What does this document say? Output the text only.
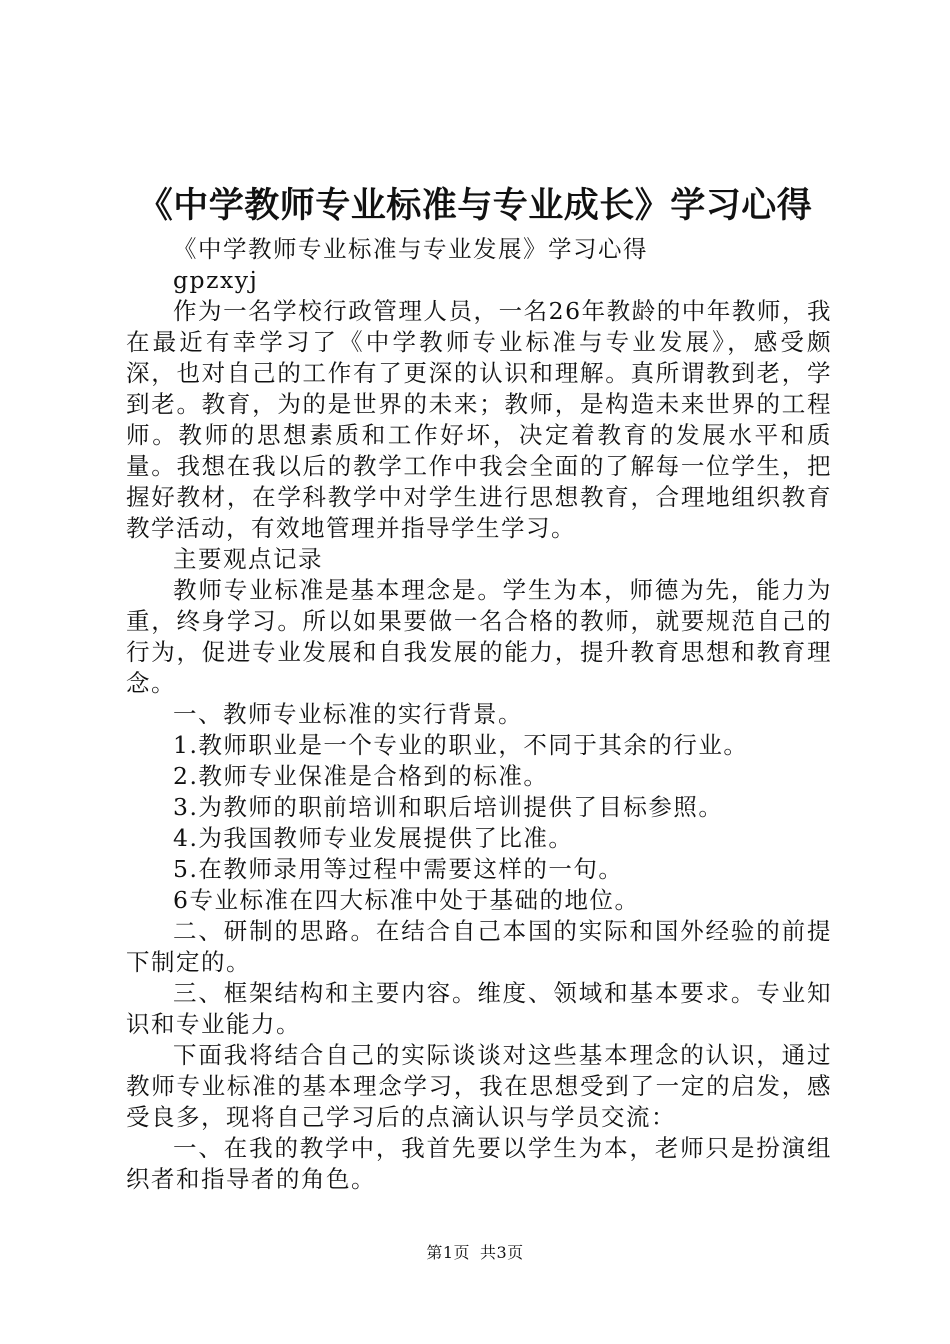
《中学教师专业标准与专业成长》学习心得

《中学教师专业标准与专业发展》学习心得

gpzxyj

作为一名学校行政管理人员，一名26年教龄的中年教师，我在最近有幸学习了《中学教师专业标准与专业发展》，感受颇深，也对自己的工作有了更深的认识和理解。真所谓教到老，学到老。教育，为的是世界的未来；教师，是构造未来世界的工程师。教师的思想素质和工作好坏，决定着教育的发展水平和质量。我想在我以后的教学工作中我会全面的了解每一位学生，把握好教材，在学科教学中对学生进行思想教育，合理地组织教育教学活动，有效地管理并指导学生学习。

主要观点记录

教师专业标准是基本理念是。学生为本，师德为先，能力为重，终身学习。所以如果要做一名合格的教师，就要规范自己的行为，促进专业发展和自我发展的能力，提升教育思想和教育理念。

一、教师专业标准的实行背景。

1.教师职业是一个专业的职业，不同于其余的行业。

2.教师专业保准是合格到的标准。

3.为教师的职前培训和职后培训提供了目标参照。

4.为我国教师专业发展提供了比准。

5.在教师录用等过程中需要这样的一句。

6专业标准在四大标准中处于基础的地位。

二、研制的思路。在结合自己本国的实际和国外经验的前提下制定的。

三、框架结构和主要内容。维度、领域和基本要求。专业知识和专业能力。

下面我将结合自己的实际谈谈对这些基本理念的认识，通过教师专业标准的基本理念学习，我在思想受到了一定的启发，感受良多，现将自己学习后的点滴认识与学员交流：

一、在我的教学中，我首先要以学生为本，老师只是扮演组织者和指导者的角色。

第1页 共3页
